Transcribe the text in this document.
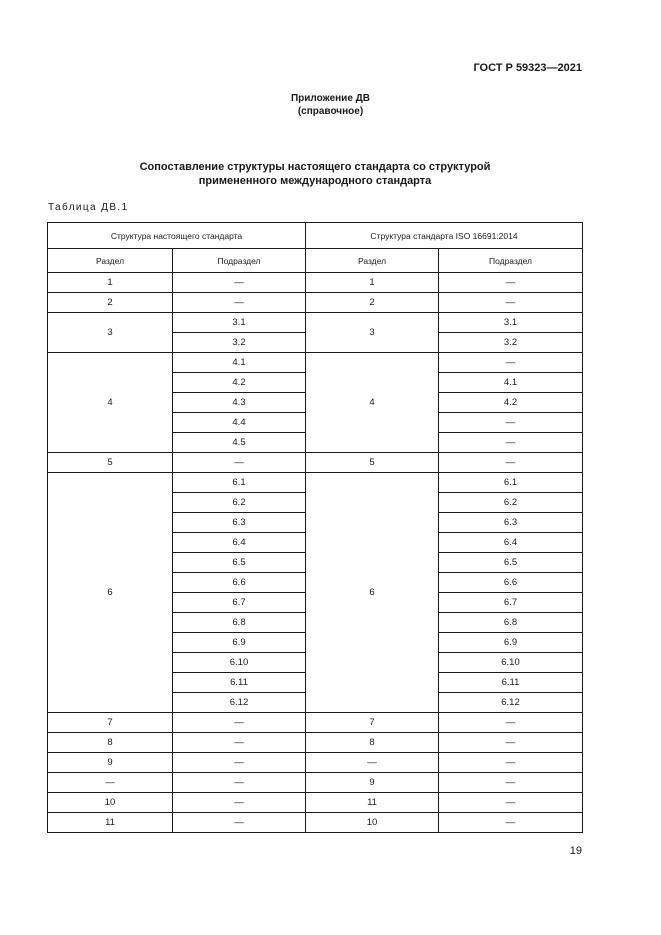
ГОСТ Р 59323—2021
Приложение ДВ
(справочное)
Сопоставление структуры настоящего стандарта со структурой
примененного международного стандарта
Таблица ДВ.1
Структура настоящего стандарта		Структура стандарта ISO 16691:2014	
Раздел	Подраздел	Раздел	Подраздел
1	—	1	—
2	—	2	—
3	3.1	3	3.1
	3.2		3.2
4	4.1	4	—
	4.2		4.1
	4.3		4.2
	4.4		—
	4.5		—
5	—	5	—
6	6.1	6	6.1
	6.2		6.2
	6.3		6.3
	6.4		6.4
	6.5		6.5
	6.6		6.6
	6.7		6.7
	6.8		6.8
	6.9		6.9
	6.10		6.10
	6.11		6.11
	6.12		6.12
7	—	7	—
8	—	8	—
9	—	—	—
—	—	9	—
10	—	11	—
11	—	10	—
19
